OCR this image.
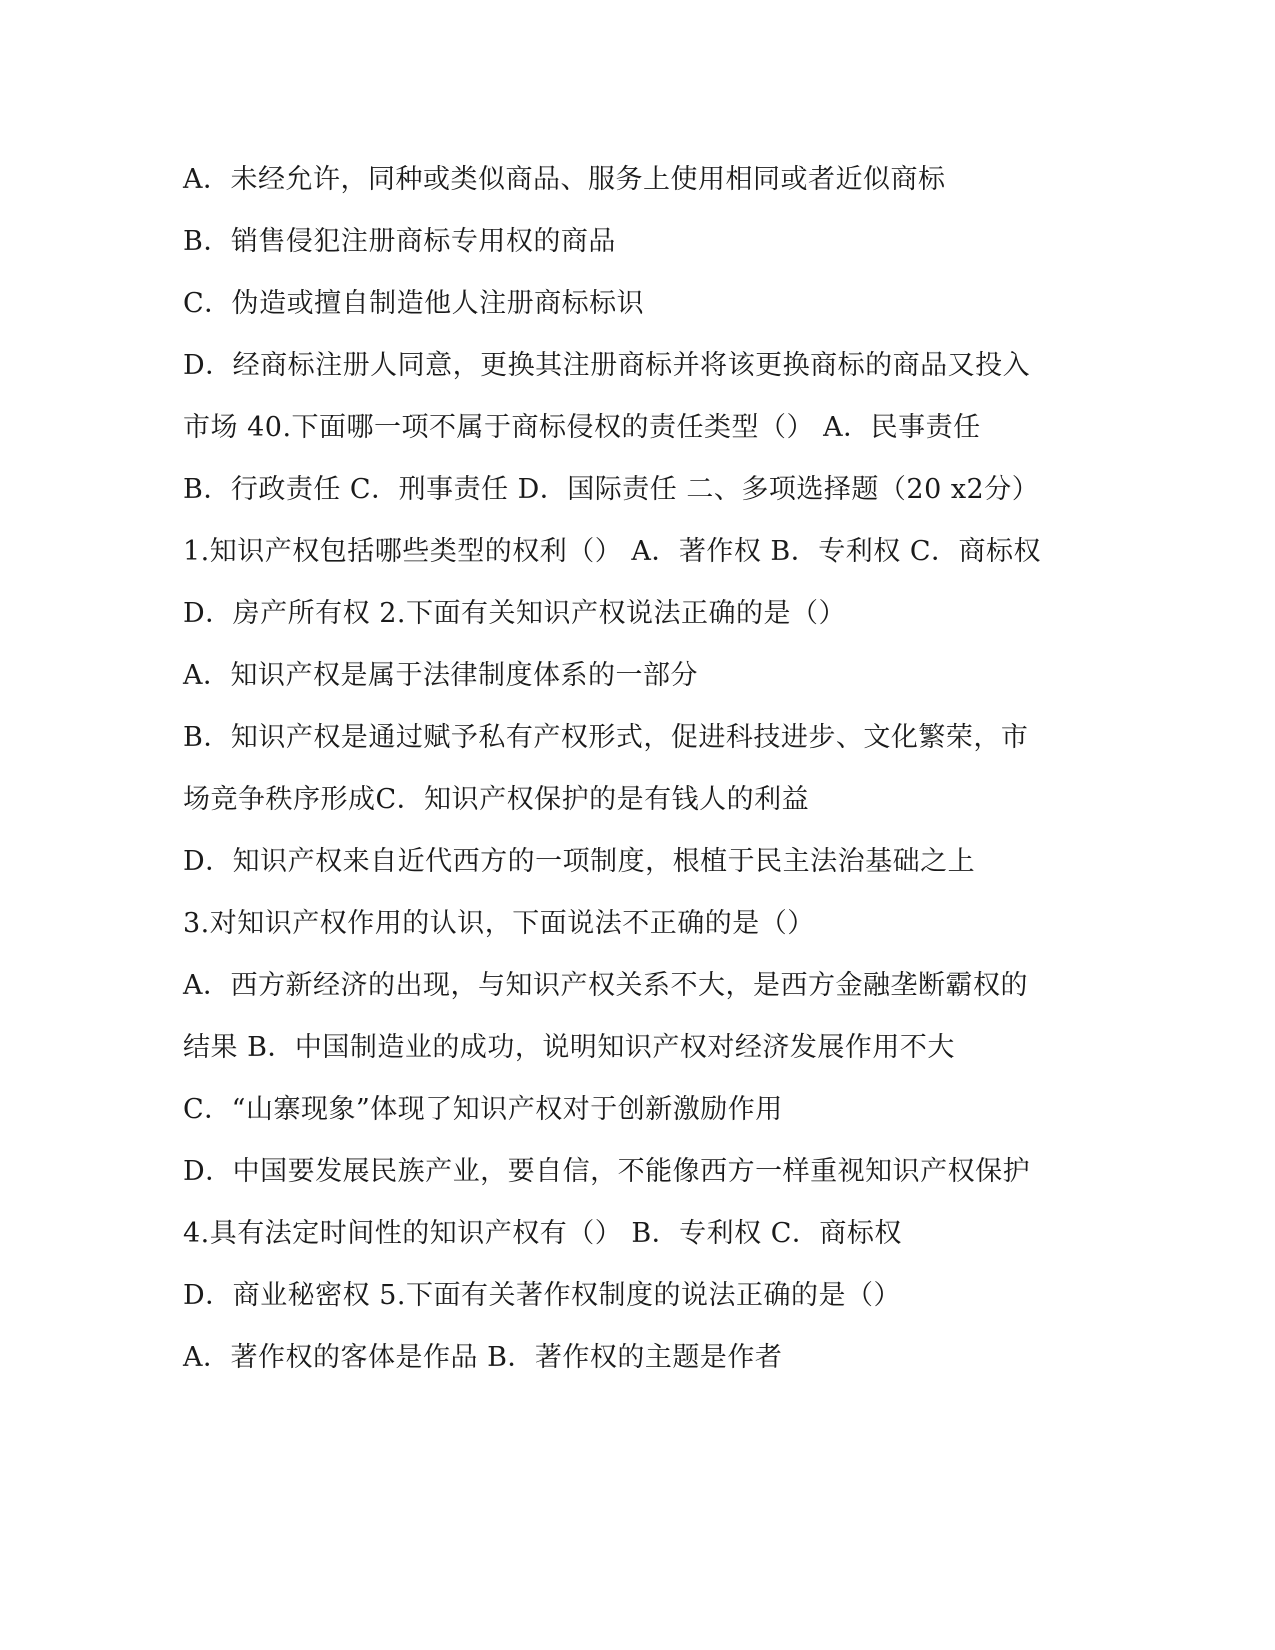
A．未经允许，同种或类似商品、服务上使用相同或者近似商标
B．销售侵犯注册商标专用权的商品
C．伪造或擅自制造他人注册商标标识
D．经商标注册人同意，更换其注册商标并将该更换商标的商品又投入
市场 40.下面哪一项不属于商标侵权的责任类型（） A．民事责任
B．行政责任 C．刑事责任 D．国际责任 二、多项选择题（20 x2分）
1.知识产权包括哪些类型的权利（） A．著作权 B．专利权 C．商标权
D．房产所有权 2.下面有关知识产权说法正确的是（）
A．知识产权是属于法律制度体系的一部分
B．知识产权是通过赋予私有产权形式，促进科技进步、文化繁荣，市
场竞争秩序形成C．知识产权保护的是有钱人的利益
D．知识产权来自近代西方的一项制度，根植于民主法治基础之上
3.对知识产权作用的认识，下面说法不正确的是（）
A．西方新经济的出现，与知识产权关系不大，是西方金融垄断霸权的
结果 B．中国制造业的成功，说明知识产权对经济发展作用不大
C．“山寨现象”体现了知识产权对于创新激励作用
D．中国要发展民族产业，要自信，不能像西方一样重视知识产权保护
4.具有法定时间性的知识产权有（） B．专利权 C．商标权
D．商业秘密权 5.下面有关著作权制度的说法正确的是（）
A．著作权的客体是作品 B．著作权的主题是作者
